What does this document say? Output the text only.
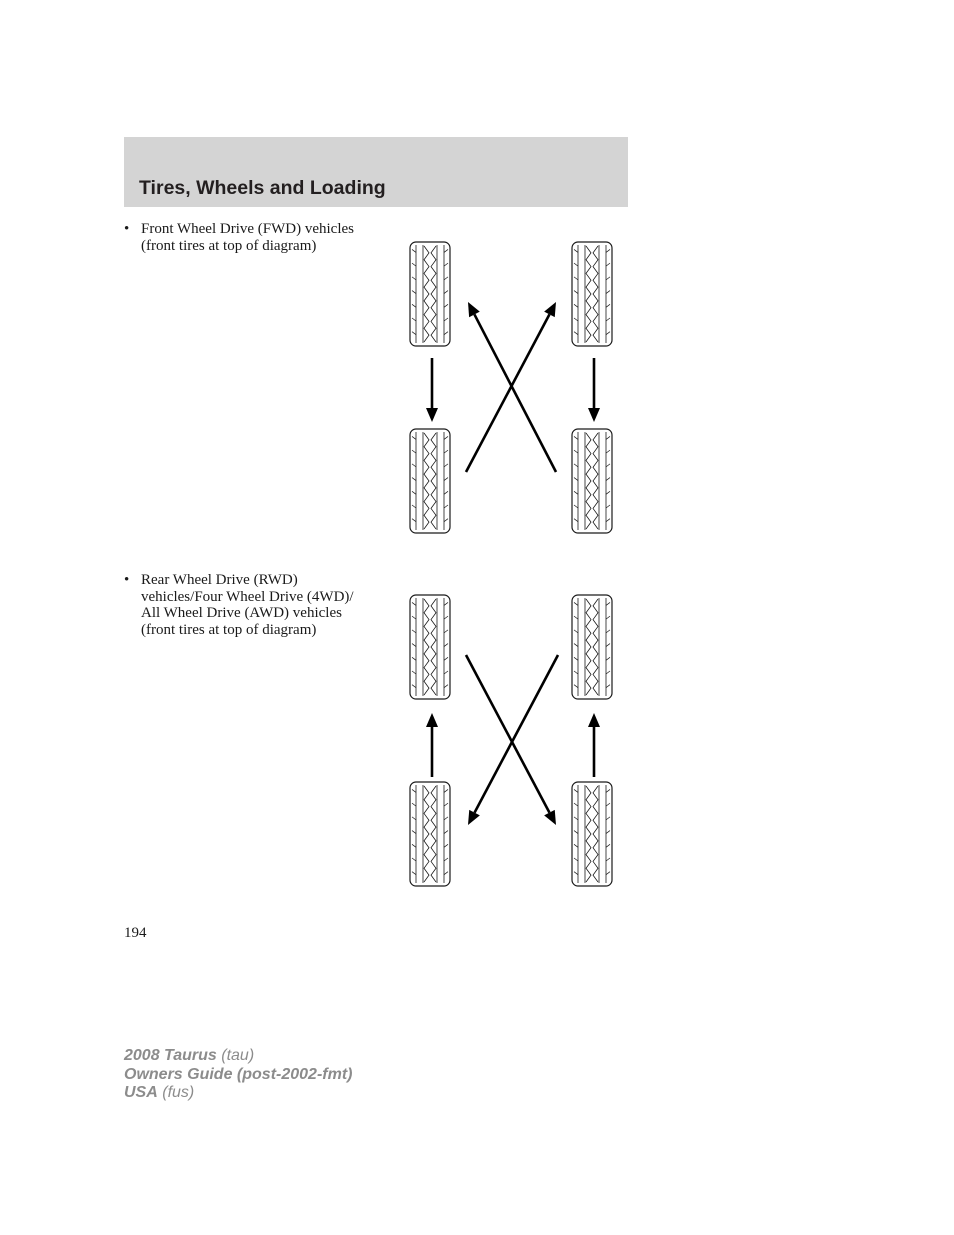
Tires, Wheels and Loading
• Front Wheel Drive (FWD) vehicles (front tires at top of diagram)
• Rear Wheel Drive (RWD) vehicles/Four Wheel Drive (4WD)/ All Wheel Drive (AWD) vehicles (front tires at top of diagram)
194
2008 Taurus (tau)
Owners Guide (post-2002-fmt)
USA (fus)
